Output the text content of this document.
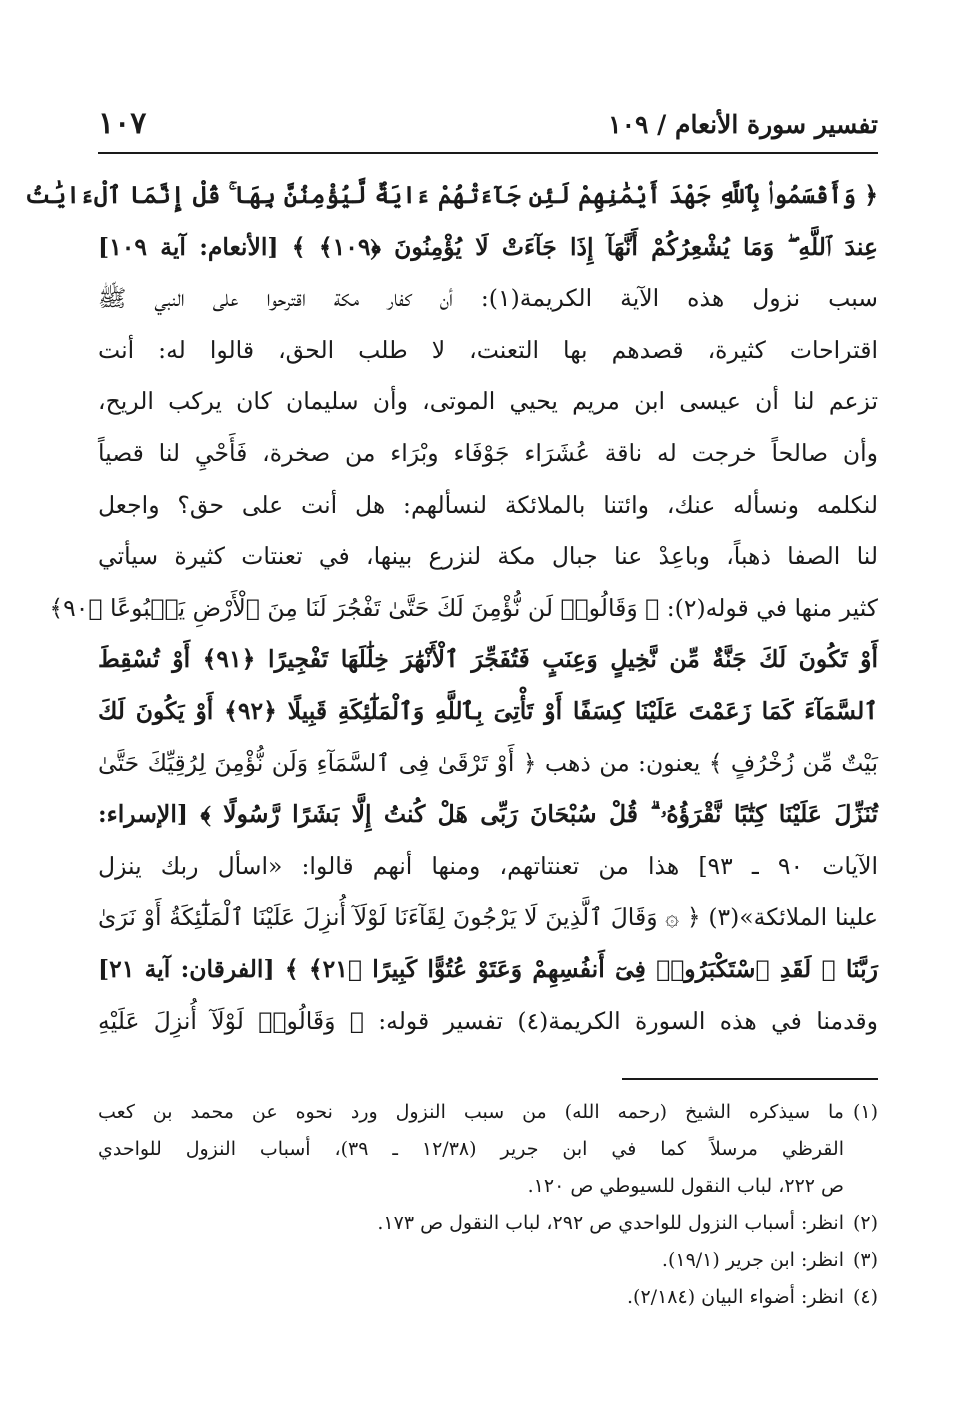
تفسير سورة الأنعام / ١٠٩
١٠٧
﴿ وَأَقْسَمُوا۟ بِٱللَّهِ جَهْدَ أَيْمَٰنِهِمْ لَئِن جَآءَتْهُمْ ءَايَةٌ لَّيُؤْمِنُنَّ بِهَا ۚ قُلْ إِنَّمَا ٱلْءَايَٰتُ
عِندَ ٱللَّهِ ۖ وَمَا يُشْعِرُكُمْ أَنَّهَآ إِذَا جَآءَتْ لَا يُؤْمِنُونَ ﴿١٠٩﴾ ﴾ [الأنعام: آية ١٠٩]
سبب نزول هذه الآية الكريمة(١): أن كفار مكة اقترحوا على النبي ﷺ
اقتراحات كثيرة، قصدهم بها التعنت، لا طلب الحق، قالوا له: أنت
تزعم لنا أن عيسى ابن مريم يحيي الموتى، وأن سليمان كان يركب الريح،
وأن صالحاً خرجت له ناقة عُشَرَاء جَوْفَاء وبْرَاء من صخرة، فَأَحْيِ لنا قصياً
لنكلمه ونسأله عنك، وائتنا بالملائكة لنسألهم: هل أنت على حق؟ واجعل
لنا الصفا ذهباً، وباعِدْ عنا جبال مكة لنزرع بينها، في تعنتات كثيرة سيأتي
كثير منها في قوله(٢): ﴿ وَقَالُوا۟ لَن نُّؤْمِنَ لَكَ حَتَّىٰ تَفْجُرَ لَنَا مِنَ ٱلْأَرْضِ يَنۢبُوعًا ﴿٩٠﴾
أَوْ تَكُونَ لَكَ جَنَّةٌ مِّن نَّخِيلٍ وَعِنَبٍ فَتُفَجِّرَ ٱلْأَنْهَٰرَ خِلَٰلَهَا تَفْجِيرًا ﴿٩١﴾ أَوْ تُسْقِطَ
ٱلسَّمَآءَ كَمَا زَعَمْتَ عَلَيْنَا كِسَفًا أَوْ تَأْتِىَ بِٱللَّهِ وَٱلْمَلَٰٓئِكَةِ قَبِيلًا ﴿٩٢﴾ أَوْ يَكُونَ لَكَ
بَيْتٌ مِّن زُخْرُفٍ ﴾ يعنون: من ذهب ﴿ أَوْ تَرْقَىٰ فِى ٱلسَّمَآءِ وَلَن نُّؤْمِنَ لِرُقِيِّكَ حَتَّىٰ
تُنَزِّلَ عَلَيْنَا كِتَٰبًا نَّقْرَؤُهُۥ ۗ قُلْ سُبْحَانَ رَبِّى هَلْ كُنتُ إِلَّا بَشَرًا رَّسُولًا ﴾ [الإسراء:
الآيات ٩٠ ـ ٩٣] هذا من تعنتاتهم، ومنها أنهم قالوا: «اسأل ربك ينزل
علينا الملائكة»(٣) ﴿ ۞ وَقَالَ ٱلَّذِينَ لَا يَرْجُونَ لِقَآءَنَا لَوْلَآ أُنزِلَ عَلَيْنَا ٱلْمَلَٰٓئِكَةُ أَوْ نَرَىٰ
رَبَّنَا ۗ لَقَدِ ٱسْتَكْبَرُوا۟ فِىٓ أَنفُسِهِمْ وَعَتَوْ عُتُوًّا كَبِيرًا ﴿٢١﴾ ﴾ [الفرقان: آية ٢١]
وقدمنا في هذه السورة الكريمة(٤) تفسير قوله: ﴿ وَقَالُوا۟ لَوْلَآ أُنزِلَ عَلَيْهِ
(١)
ما سيذكره الشيخ (رحمه الله) من سبب النزول ورد نحوه عن محمد بن كعب
القرظي مرسلاً كما في ابن جرير (١٢/٣٨ ـ ٣٩)، أسباب النزول للواحدي
ص ٢٢٢، لباب النقول للسيوطي ص ١٢٠.
(٢)
انظر: أسباب النزول للواحدي ص ٢٩٢، لباب النقول ص ١٧٣.
(٣)
انظر: ابن جرير (١٩/١).
(٤)
انظر: أضواء البيان (٢/١٨٤).
